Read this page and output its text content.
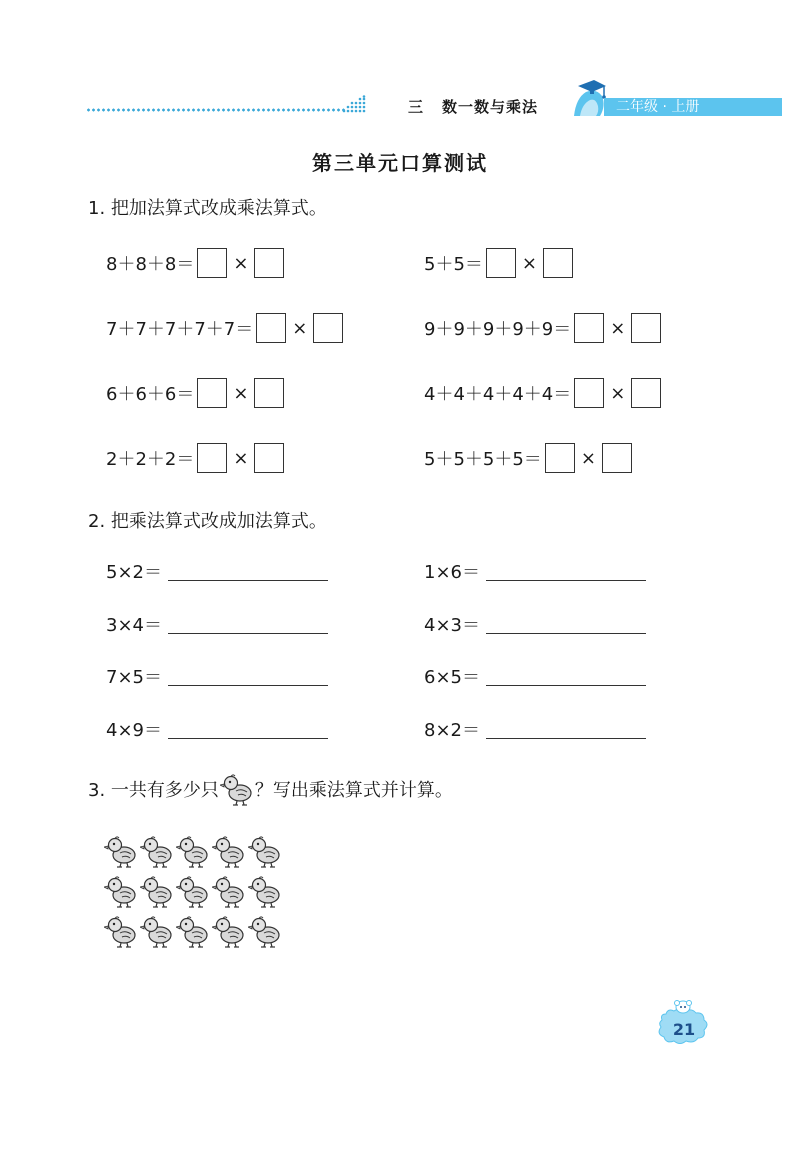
三 数一数与乘法	二年级 · 上册
第三单元口算测试
1. 把加法算式改成乘法算式。
8＋8＋8＝ ×	5＋5＝ ×
7＋7＋7＋7＋7＝ ×	9＋9＋9＋9＋9＝ ×
6＋6＋6＝ ×	4＋4＋4＋4＋4＝ ×
2＋2＋2＝ ×	5＋5＋5＋5＝ ×
2. 把乘法算式改成加法算式。
5×2＝	1×6＝
3×4＝	4×3＝
7×5＝	6×5＝
4×9＝	8×2＝
3. 一共有多少只 ？写出乘法算式并计算。
21
